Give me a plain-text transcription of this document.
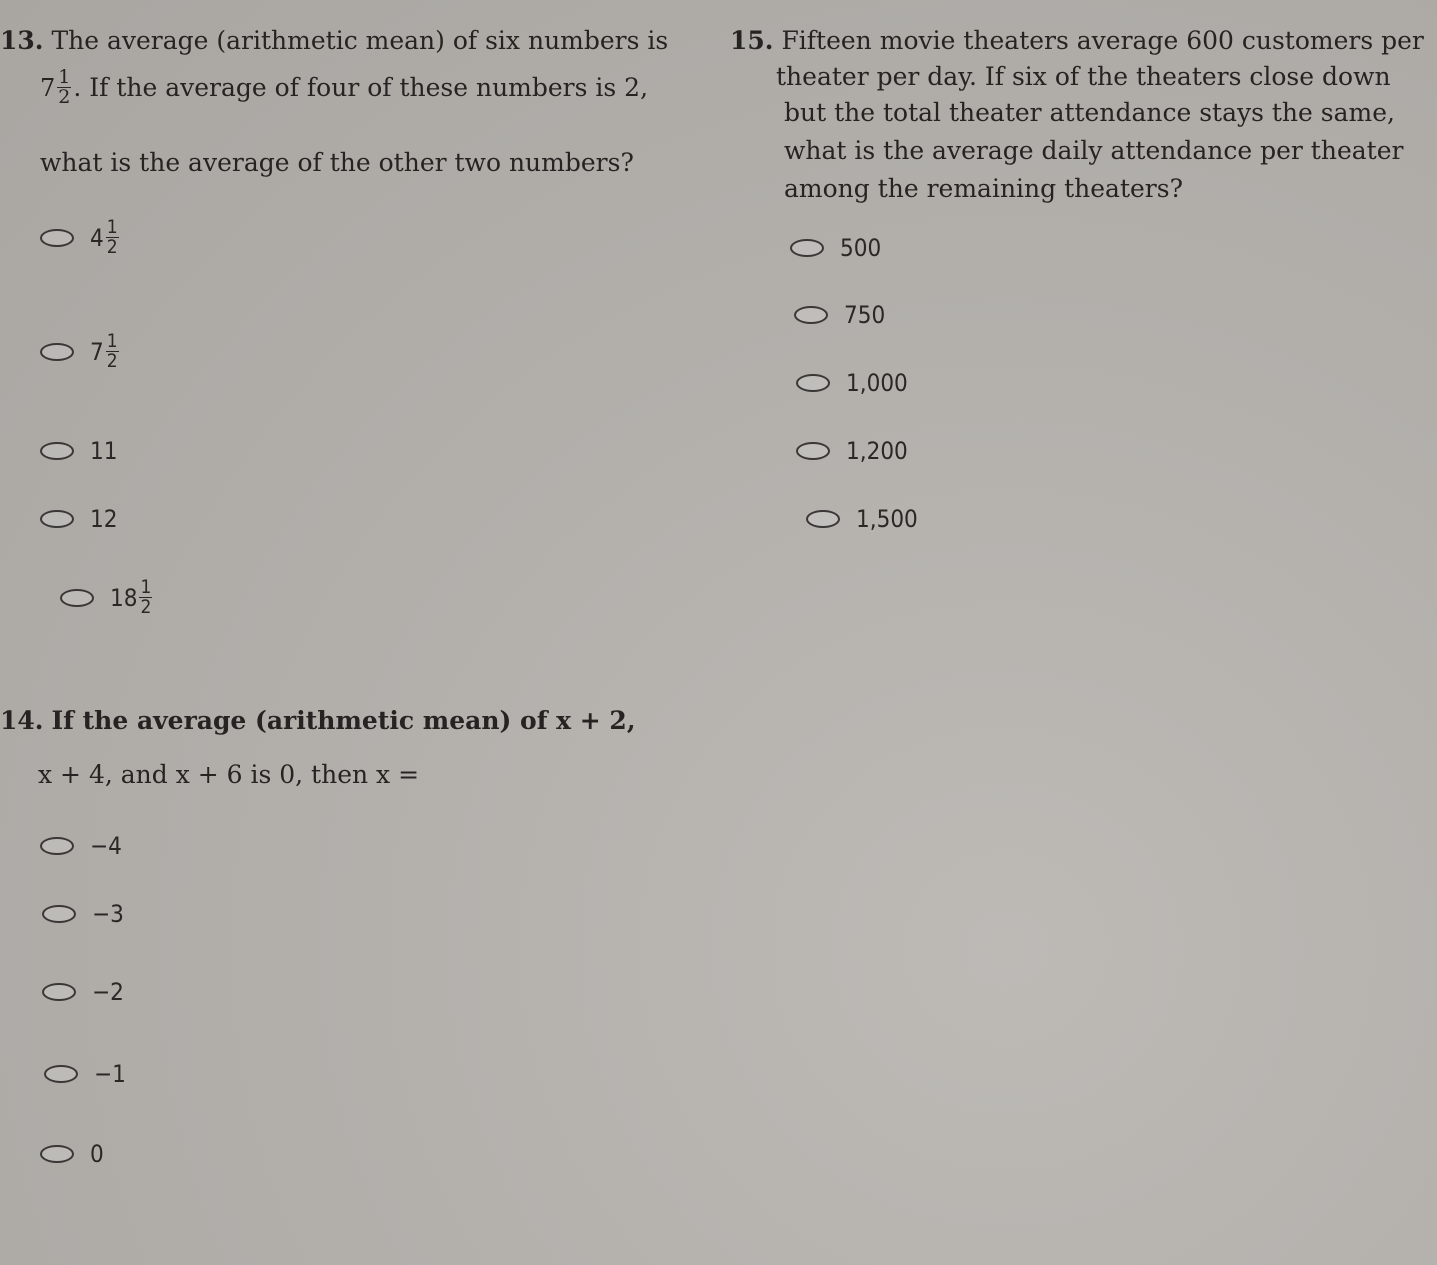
13. The average (arithmetic mean) of six numbers is
$7 \frac{1}{2}$ . If the average of four of these numbers is 2,
what is the average of the other two numbers?
$4 \frac{1}{2}$
$7 \frac{1}{2}$
11
12
$18 \frac{1}{2}$
15. Fifteen movie theaters average 600 customers per
theater per day. If six of the theaters close down
but the total theater attendance stays the same,
what is the average daily attendance per theater
among the remaining theaters?
500
750
1,000
1,200
1,500
14. If the average (arithmetic mean) of x + 2,
x + 4, and x + 6 is 0, then x =
−4
−3
−2
−1
0
